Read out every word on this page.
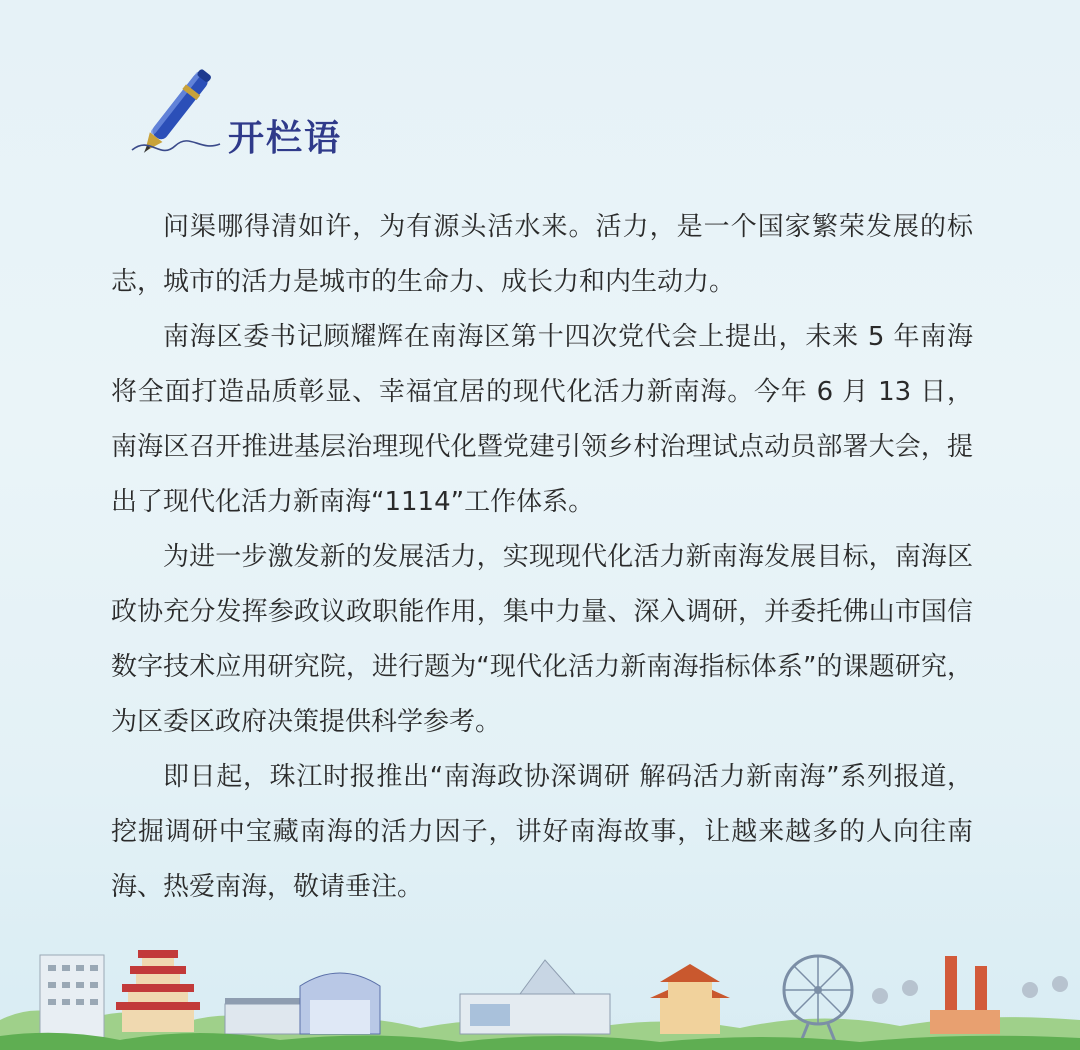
开栏语

问渠哪得清如许，为有源头活水来。活力，是一个国家繁荣发展的标志，城市的活力是城市的生命力、成长力和内生动力。

南海区委书记顾耀辉在南海区第十四次党代会上提出，未来 5 年南海将全面打造品质彰显、幸福宜居的现代化活力新南海。今年 6 月 13 日，南海区召开推进基层治理现代化暨党建引领乡村治理试点动员部署大会，提出了现代化活力新南海“1114”工作体系。

为进一步激发新的发展活力，实现现代化活力新南海发展目标，南海区政协充分发挥参政议政职能作用，集中力量、深入调研，并委托佛山市国信数字技术应用研究院，进行题为“现代化活力新南海指标体系”的课题研究，为区委区政府决策提供科学参考。

即日起，珠江时报推出“南海政协深调研 解码活力新南海”系列报道，挖掘调研中宝藏南海的活力因子，讲好南海故事，让越来越多的人向往南海、热爱南海，敬请垂注。
